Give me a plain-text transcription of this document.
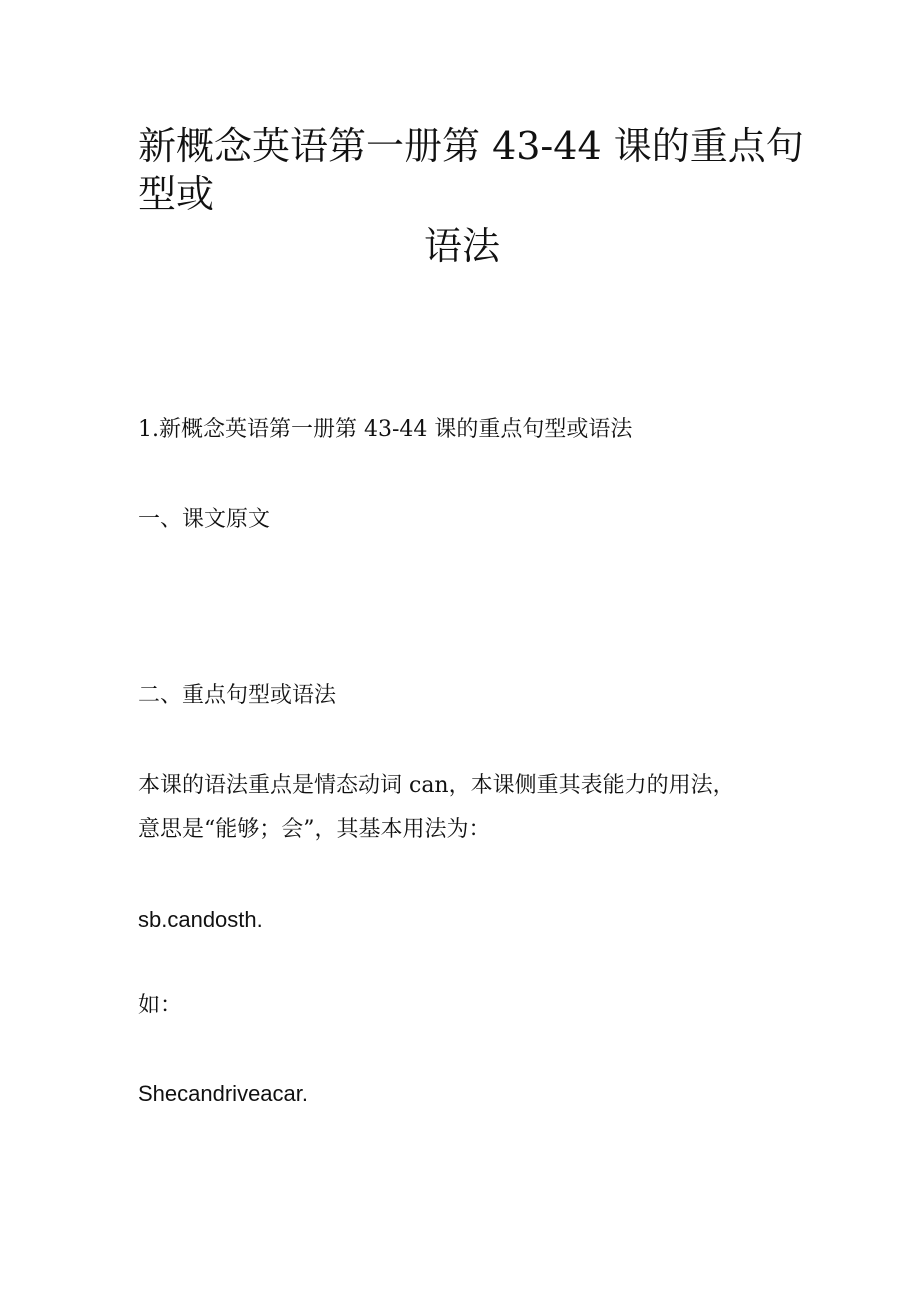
新概念英语第一册第 43-44 课的重点句
型或
语法
1.新概念英语第一册第 43-44 课的重点句型或语法
一、课文原文
二、重点句型或语法
本课的语法重点是情态动词 can，本课侧重其表能力的用法，
意思是“能够；会”，其基本用法为：
sb.candosth.
如：
Shecandriveacar.
